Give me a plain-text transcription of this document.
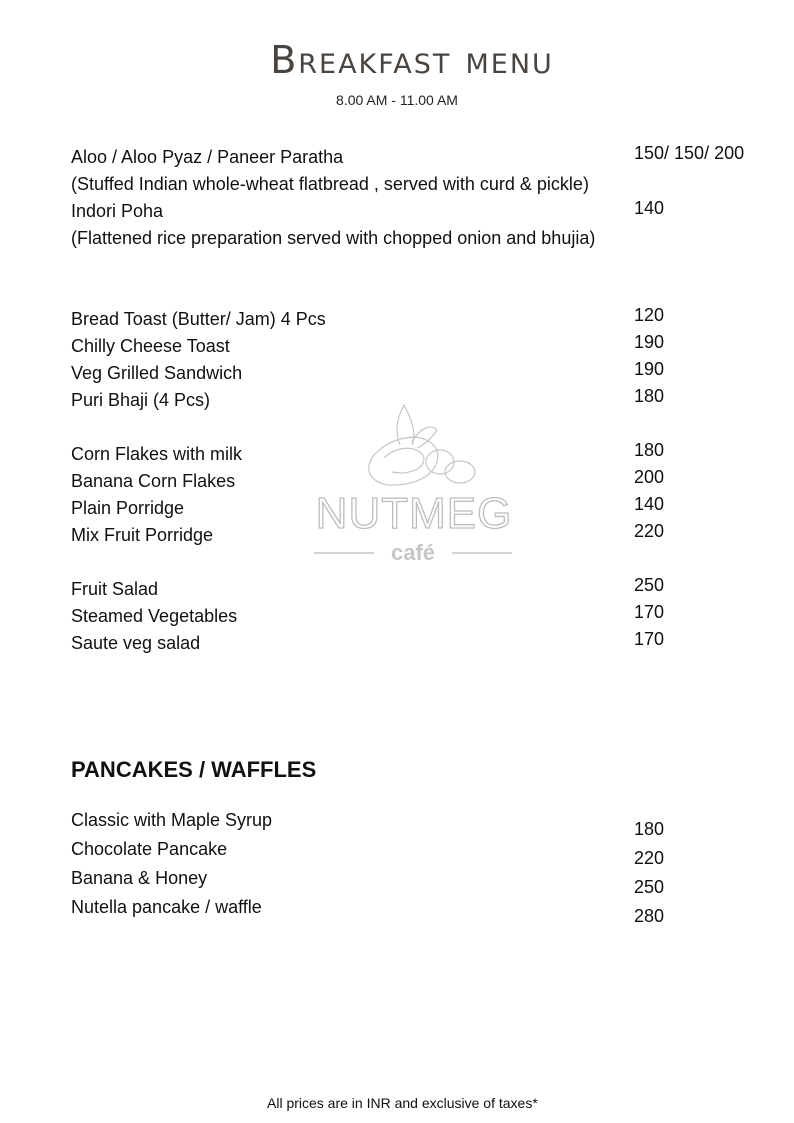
Breakfast menu
8.00 AM - 11.00 AM
NUTMEG
café
Aloo / Aloo Pyaz / Paneer Paratha	150/ 150/ 200
(Stuffed Indian whole-wheat flatbread , served with curd & pickle)
Indori Poha	140
(Flattened rice preparation served with chopped onion and bhujia)
Bread Toast (Butter/ Jam) 4 Pcs	120
Chilly Cheese Toast	190
Veg Grilled Sandwich	190
Puri Bhaji (4 Pcs)	180
Corn Flakes with milk	180
Banana Corn Flakes	200
Plain Porridge	140
Mix Fruit Porridge	220
Fruit Salad	250
Steamed Vegetables	170
Saute veg salad	170
PANCAKES / WAFFLES
Classic with Maple Syrup	180
Chocolate Pancake	220
Banana & Honey	250
Nutella pancake / waffle	280
All prices are in INR and exclusive of taxes*
